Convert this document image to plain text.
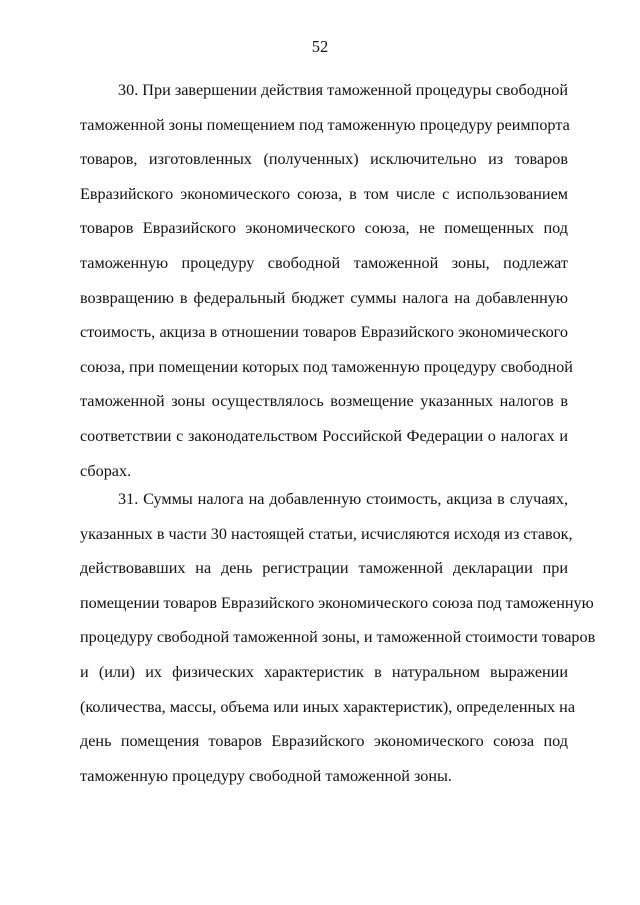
52
30. При завершении действия таможенной процедуры свободной
таможенной зоны помещением под таможенную процедуру реимпорта
товаров, изготовленных (полученных) исключительно из товаров
Евразийского экономического союза, в том числе с использованием
товаров Евразийского экономического союза, не помещенных под
таможенную процедуру свободной таможенной зоны, подлежат
возвращению в федеральный бюджет суммы налога на добавленную
стоимость, акциза в отношении товаров Евразийского экономического
союза, при помещении которых под таможенную процедуру свободной
таможенной зоны осуществлялось возмещение указанных налогов в
соответствии с законодательством Российской Федерации о налогах и
сборах.
31. Суммы налога на добавленную стоимость, акциза в случаях,
указанных в части 30 настоящей статьи, исчисляются исходя из ставок,
действовавших на день регистрации таможенной декларации при
помещении товаров Евразийского экономического союза под таможенную
процедуру свободной таможенной зоны, и таможенной стоимости товаров
и (или) их физических характеристик в натуральном выражении
(количества, массы, объема или иных характеристик), определенных на
день помещения товаров Евразийского экономического союза под
таможенную процедуру свободной таможенной зоны.
